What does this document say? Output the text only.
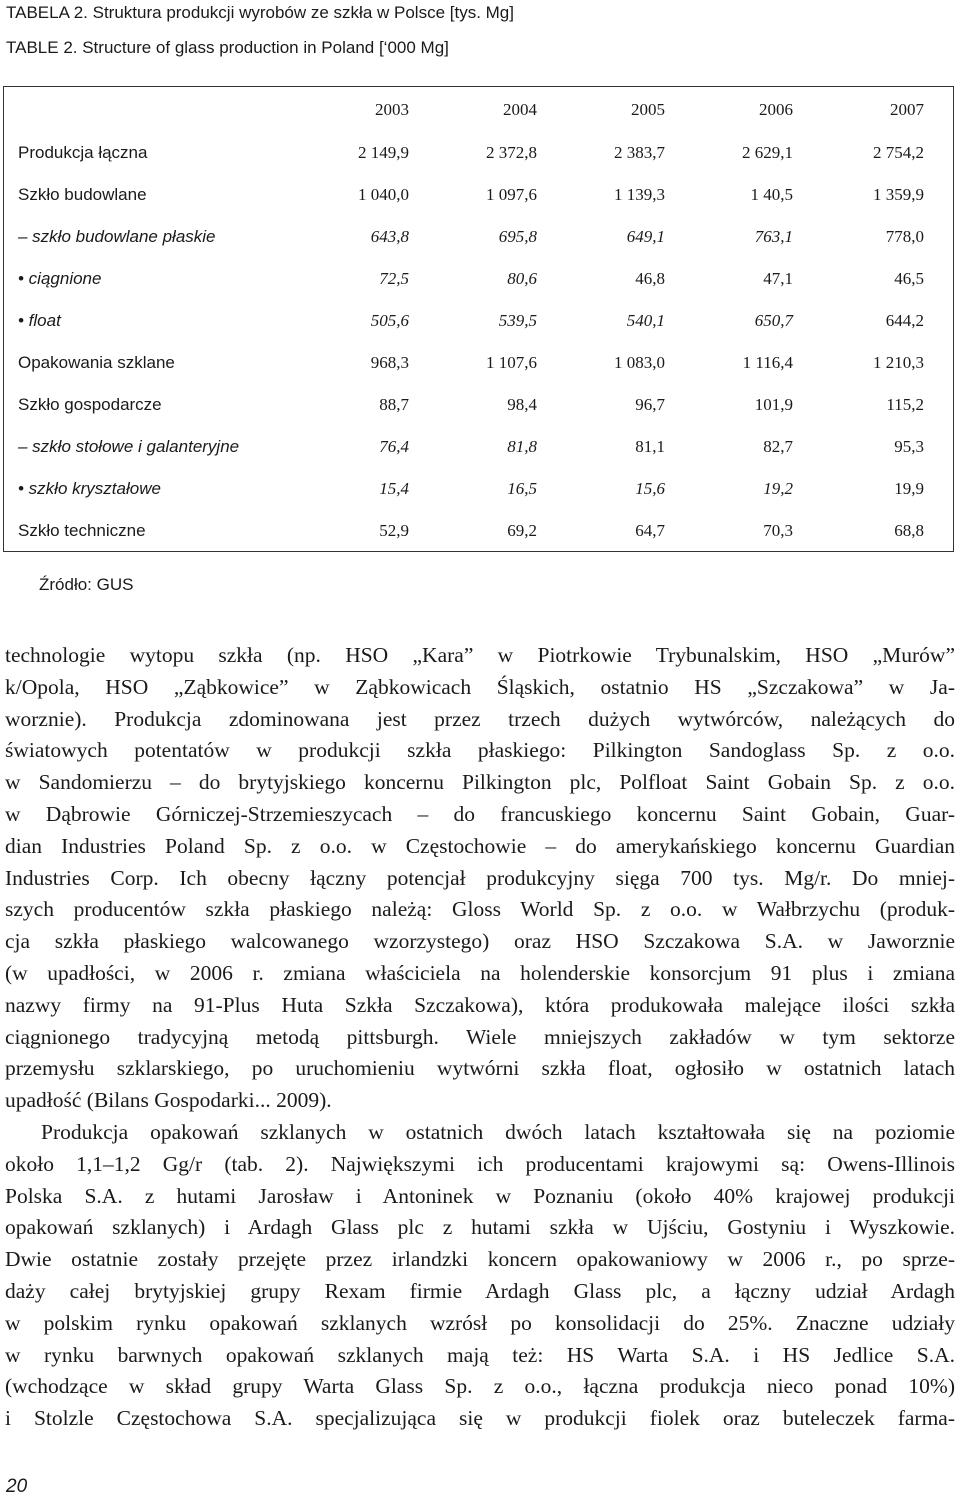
TABELA 2. Struktura produkcji wyrobów ze szkła w Polsce [tys. Mg]
TABLE 2. Structure of glass production in Poland [‘000 Mg]
2003	2004	2005	2006	2007
Produkcja łączna	2 149,9	2 372,8	2 383,7	2 629,1	2 754,2
Szkło budowlane	1 040,0	1 097,6	1 139,3	1 40,5	1 359,9
– szkło budowlane płaskie	643,8	695,8	649,1	763,1	778,0
• ciągnione	72,5	80,6	46,8	47,1	46,5
• float	505,6	539,5	540,1	650,7	644,2
Opakowania szklane	968,3	1 107,6	1 083,0	1 116,4	1 210,3
Szkło gospodarcze	88,7	98,4	96,7	101,9	115,2
– szkło stołowe i galanteryjne	76,4	81,8	81,1	82,7	95,3
• szkło kryształowe	15,4	16,5	15,6	19,2	19,9
Szkło techniczne	52,9	69,2	64,7	70,3	68,8
Źródło: GUS
technologie wytopu szkła (np. HSO „Kara” w Piotrkowie Trybunalskim, HSO „Murów”
k/Opola, HSO „Ząbkowice” w Ząbkowicach Śląskich, ostatnio HS „Szczakowa” w Ja-
worznie). Produkcja zdominowana jest przez trzech dużych wytwórców, należących do
światowych potentatów w produkcji szkła płaskiego: Pilkington Sandoglass Sp. z o.o.
w Sandomierzu – do brytyjskiego koncernu Pilkington plc, Polfloat Saint Gobain Sp. z o.o.
w Dąbrowie Górniczej-Strzemieszycach – do francuskiego koncernu Saint Gobain, Guar-
dian Industries Poland Sp. z o.o. w Częstochowie – do amerykańskiego koncernu Guardian
Industries Corp. Ich obecny łączny potencjał produkcyjny sięga 700 tys. Mg/r. Do mniej-
szych producentów szkła płaskiego należą: Gloss World Sp. z o.o. w Wałbrzychu (produk-
cja szkła płaskiego walcowanego wzorzystego) oraz HSO Szczakowa S.A. w Jaworznie
(w upadłości, w 2006 r. zmiana właściciela na holenderskie konsorcjum 91 plus i zmiana
nazwy firmy na 91-Plus Huta Szkła Szczakowa), która produkowała malejące ilości szkła
ciągnionego tradycyjną metodą pittsburgh. Wiele mniejszych zakładów w tym sektorze
przemysłu szklarskiego, po uruchomieniu wytwórni szkła float, ogłosiło w ostatnich latach
upadłość (Bilans Gospodarki... 2009).
Produkcja opakowań szklanych w ostatnich dwóch latach kształtowała się na poziomie
około 1,1–1,2 Gg/r (tab. 2). Największymi ich producentami krajowymi są: Owens-Illinois
Polska S.A. z hutami Jarosław i Antoninek w Poznaniu (około 40% krajowej produkcji
opakowań szklanych) i Ardagh Glass plc z hutami szkła w Ujściu, Gostyniu i Wyszkowie.
Dwie ostatnie zostały przejęte przez irlandzki koncern opakowaniowy w 2006 r., po sprze-
daży całej brytyjskiej grupy Rexam firmie Ardagh Glass plc, a łączny udział Ardagh
w polskim rynku opakowań szklanych wzrósł po konsolidacji do 25%. Znaczne udziały
w rynku barwnych opakowań szklanych mają też: HS Warta S.A. i HS Jedlice S.A.
(wchodzące w skład grupy Warta Glass Sp. z o.o., łączna produkcja nieco ponad 10%)
i Stolzle Częstochowa S.A. specjalizująca się w produkcji fiolek oraz buteleczek farma-
20
